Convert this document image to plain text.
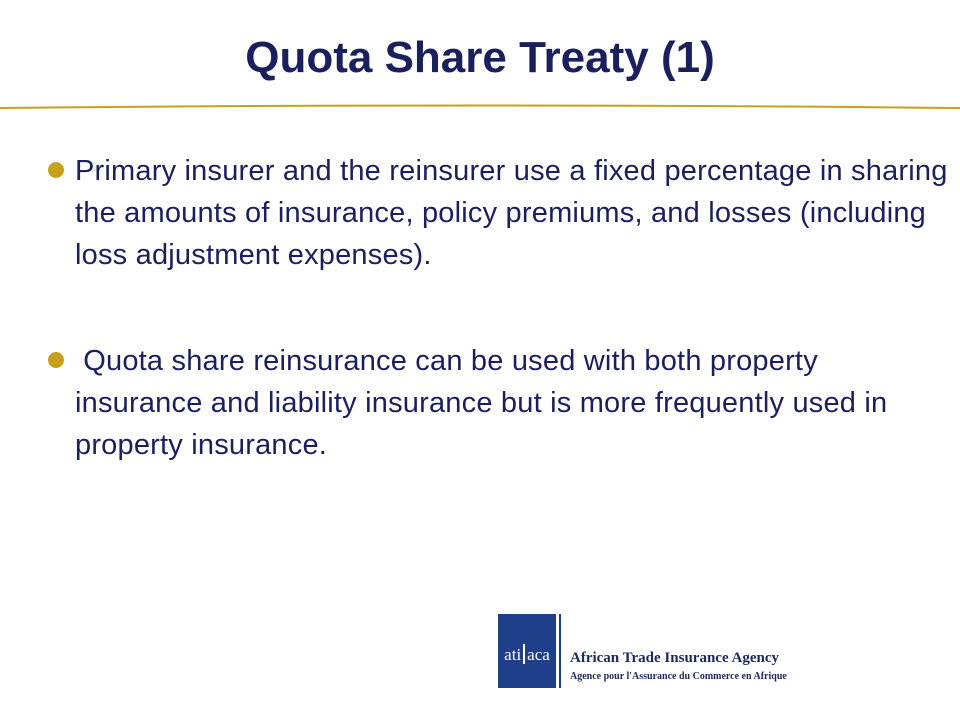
Quota Share Treaty (1)
Primary insurer and the reinsurer use a fixed percentage in sharing the amounts of insurance, policy premiums, and losses (including loss adjustment expenses).
Quota share reinsurance can be used with both property insurance and liability insurance but is more frequently used in property insurance.
ati aca African Trade Insurance Agency
Agence pour l'Assurance du Commerce en Afrique
